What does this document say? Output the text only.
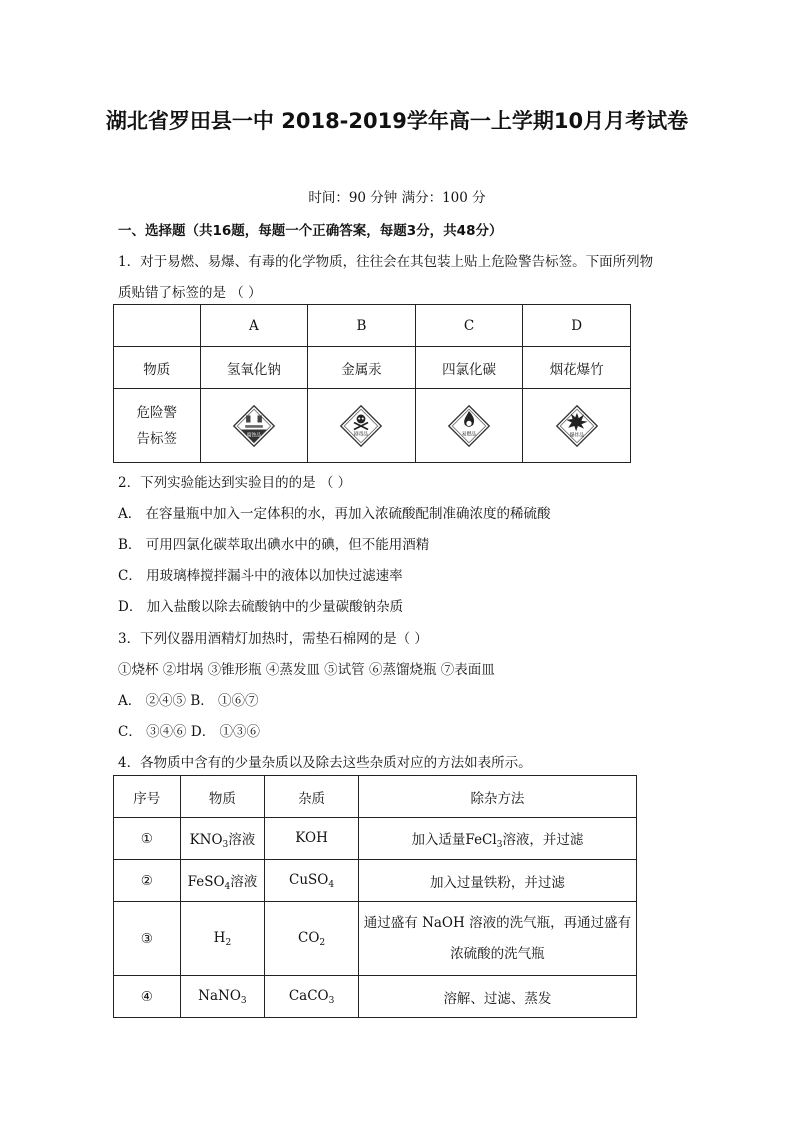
湖北省罗田县一中 2018-2019学年高一上学期10月月考试卷
时间：90 分钟 满分：100 分
一、选择题（共16题，每题一个正确答案，每题3分，共48分）
1．对于易燃、易爆、有毒的化学物质，往往会在其包装上贴上危险警告标签。下面所列物
质贴错了标签的是 （ ）
	A	B	C	D
物质	氢氧化钠	金属汞	四氯化碳	烟花爆竹

危险警
告标签	腐蚀品	剧毒品	易燃品	爆炸品
2．下列实验能达到实验目的的是 （ ）
A． 在容量瓶中加入一定体积的水，再加入浓硫酸配制准确浓度的稀硫酸
B． 可用四氯化碳萃取出碘水中的碘，但不能用酒精
C． 用玻璃棒搅拌漏斗中的液体以加快过滤速率
D． 加入盐酸以除去硫酸钠中的少量碳酸钠杂质
3．下列仪器用酒精灯加热时，需垫石棉网的是（ ）
①烧杯 ②坩埚 ③锥形瓶 ④蒸发皿 ⑤试管 ⑥蒸馏烧瓶 ⑦表面皿
A． ②④⑤ B． ①⑥⑦
C． ③④⑥ D． ①③⑥
4．各物质中含有的少量杂质以及除去这些杂质对应的方法如表所示。
序号	物质	杂质	除杂方法
①	$KNO_3$溶液	KOH	加入适量FeCl$_3$溶液，并过滤
②	FeSO$_4$溶液	CuSO$_4$	加入过量铁粉，并过滤
③	$H_2$	$CO_2$	通过盛有 NaOH 溶液的洗气瓶，再通过盛有
浓硫酸的洗气瓶

④	NaNO$_3$	CaCO$_3$	溶解、过滤、蒸发
